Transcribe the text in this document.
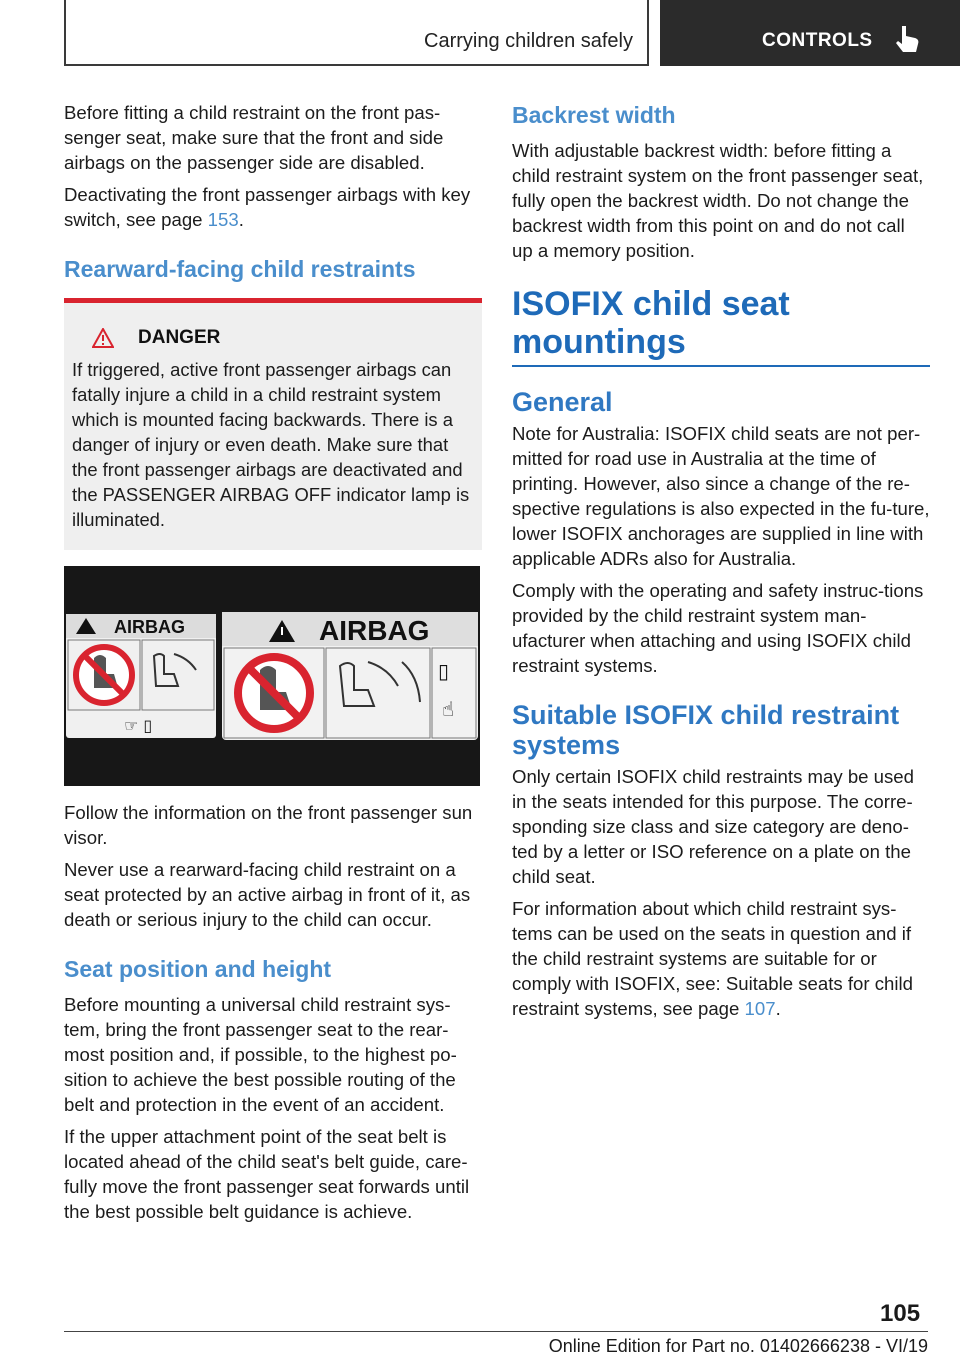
Carrying children safely	CONTROLS

Before fitting a child restraint on the front pas-senger seat, make sure that the front and side airbags on the passenger side are disabled.

Deactivating the front passenger airbags with key switch, see page 153.

Rearward-facing child restraints
DANGER

If triggered, active front passenger airbags can fatally injure a child in a child restraint system which is mounted facing backwards. There is a danger of injury or even death. Make sure that the front passenger airbags are deactivated and the PASSENGER AIRBAG OFF indicator lamp is illuminated.

AIRBAG
☞ ▯
AIRBAG
▯
☝

Follow the information on the front passenger sun visor.

Never use a rearward-facing child restraint on a seat protected by an active airbag in front of it, as death or serious injury to the child can occur.

Seat position and height

Before mounting a universal child restraint sys-tem, bring the front passenger seat to the rear-most position and, if possible, to the highest po-sition to achieve the best possible routing of the belt and protection in the event of an accident.

If the upper attachment point of the seat belt is located ahead of the child seat's belt guide, care-fully move the front passenger seat forwards until the best possible belt guidance is achieve.

Backrest width

With adjustable backrest width: before fitting a child restraint system on the front passenger seat, fully open the backrest width. Do not change the backrest width from this point on and do not call up a memory position.

ISOFIX child seat
mountings
General

Note for Australia: ISOFIX child seats are not per-mitted for road use in Australia at the time of printing. However, also since a change of the re-spective regulations is also expected in the fu-ture, lower ISOFIX anchorages are supplied in line with applicable ADRs also for Australia.

Comply with the operating and safety instruc-tions provided by the child restraint system man-ufacturer when attaching and using ISOFIX child restraint systems.

Suitable ISOFIX child restraint systems

Only certain ISOFIX child restraints may be used in the seats intended for this purpose. The corre-sponding size class and size category are deno-ted by a letter or ISO reference on a plate on the child seat.

For information about which child restraint sys-tems can be used on the seats in question and if the child restraint systems are suitable for or comply with ISOFIX, see: Suitable seats for child restraint systems, see page 107.

105
Online Edition for Part no. 01402666238 - VI/19
